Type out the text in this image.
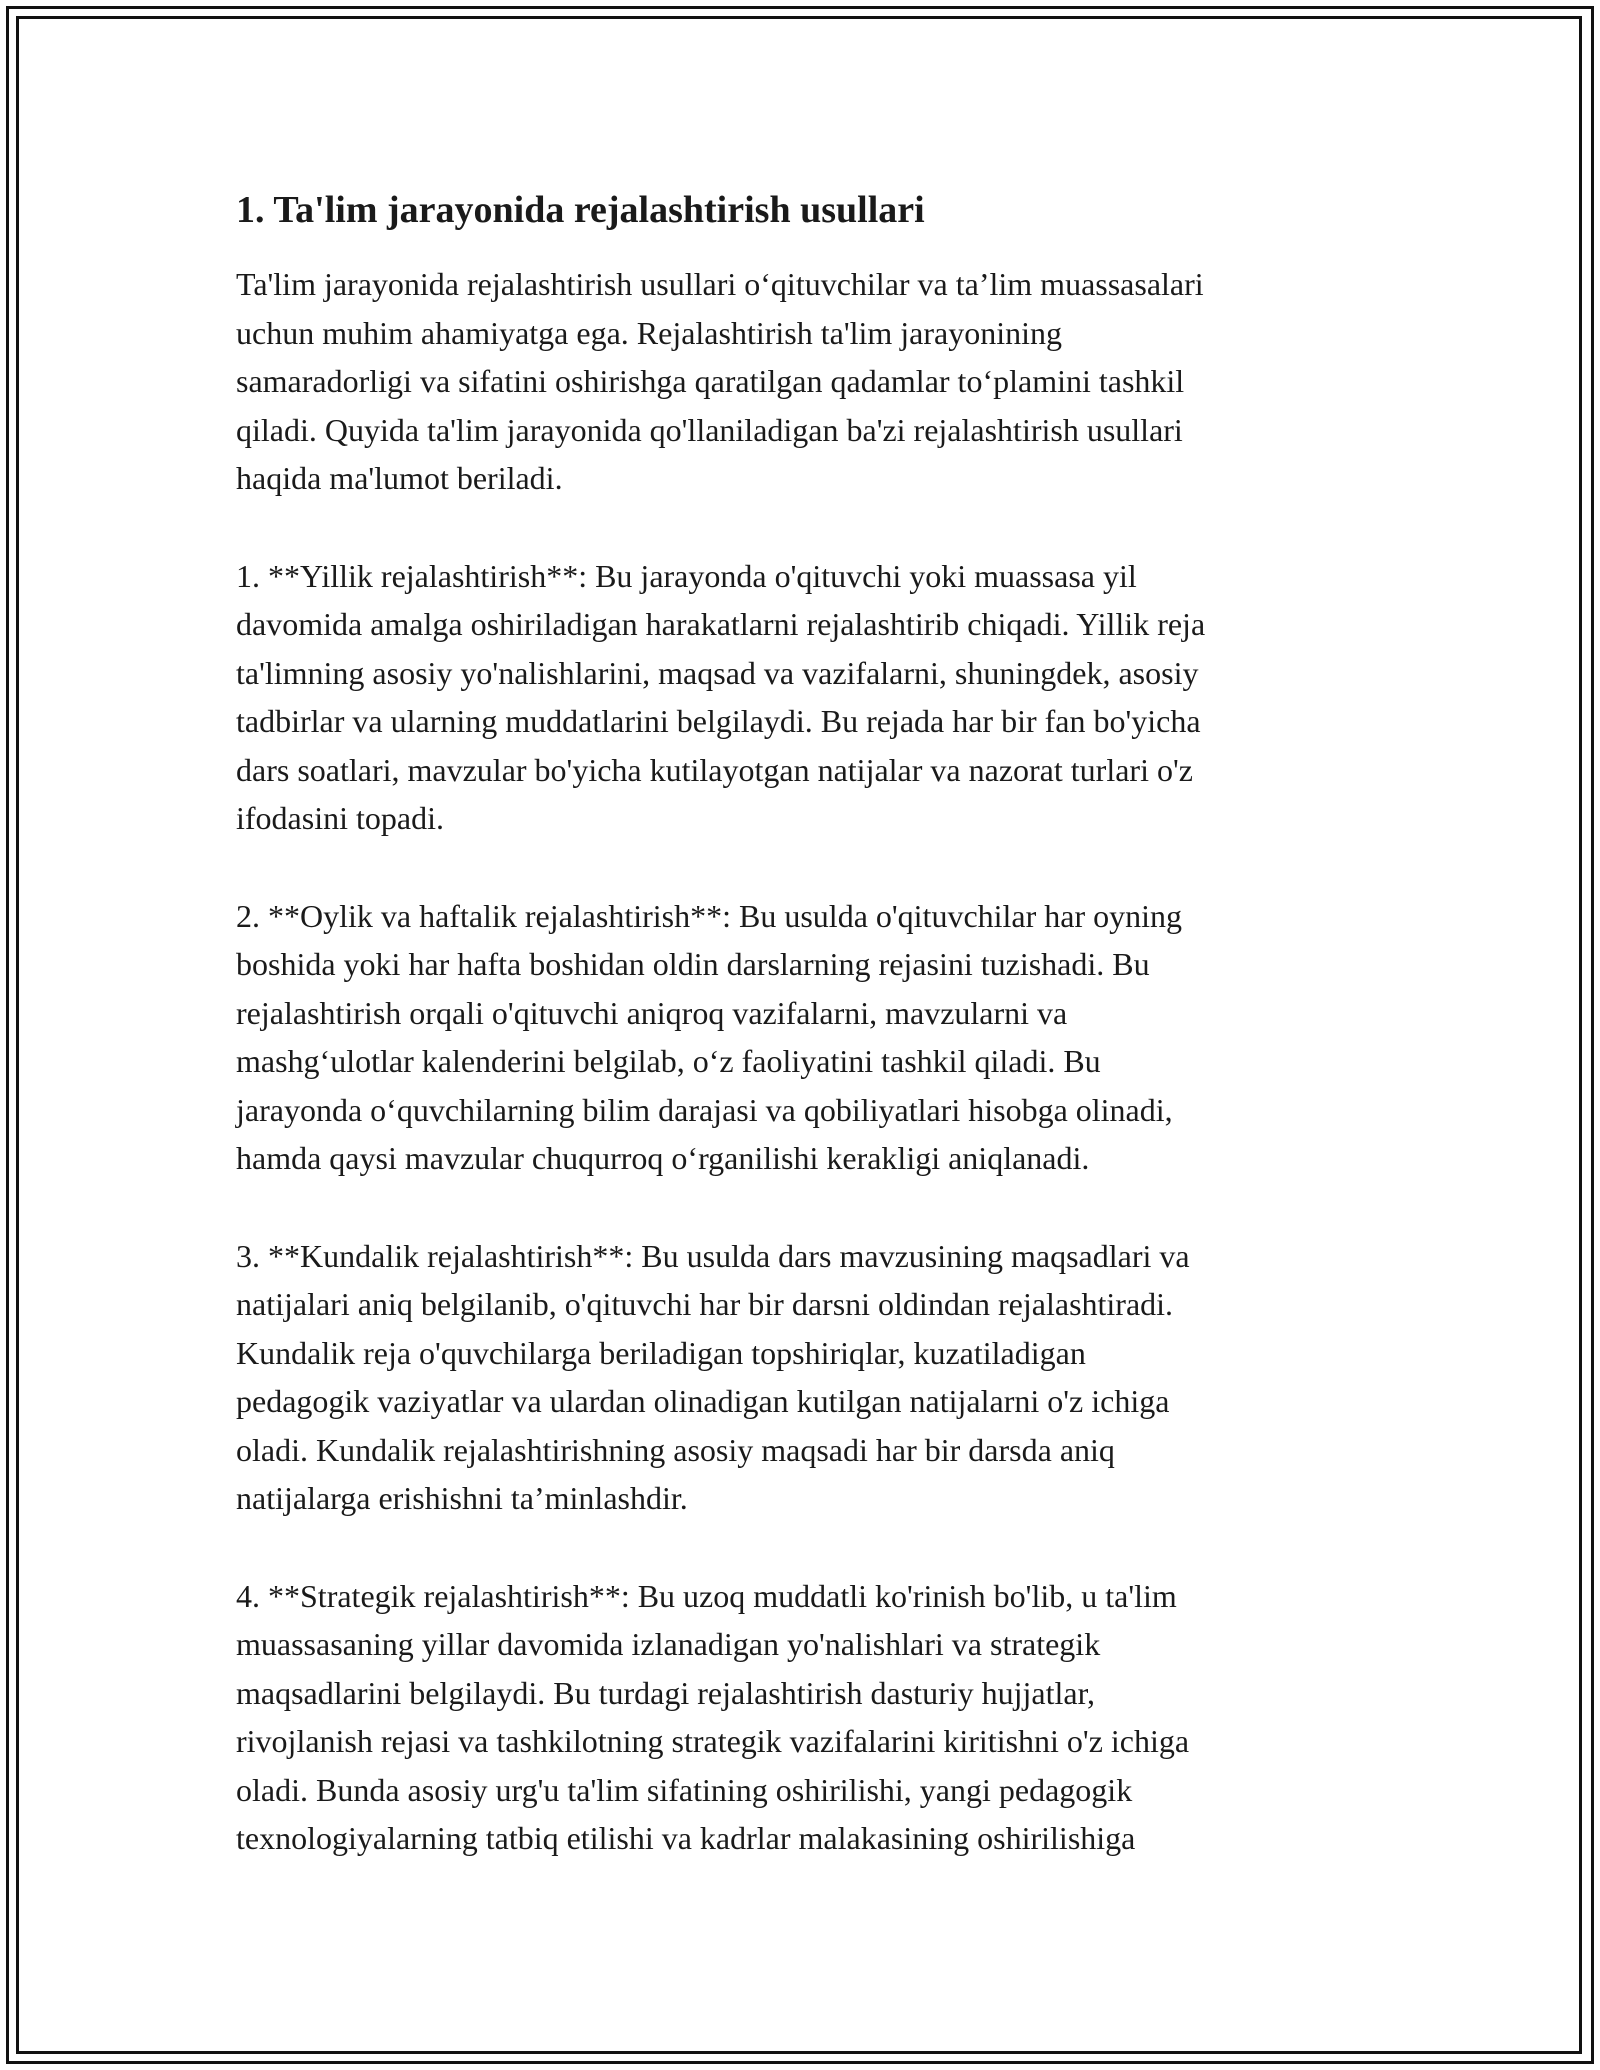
1. Ta'lim jarayonida rejalashtirish usullari
Ta'lim jarayonida rejalashtirish usullari o‘qituvchilar va ta’lim muassasalari
uchun muhim ahamiyatga ega. Rejalashtirish ta'lim jarayonining
samaradorligi va sifatini oshirishga qaratilgan qadamlar to‘plamini tashkil
qiladi. Quyida ta'lim jarayonida qo'llaniladigan ba'zi rejalashtirish usullari
haqida ma'lumot beriladi.
1. **Yillik rejalashtirish**: Bu jarayonda o'qituvchi yoki muassasa yil
davomida amalga oshiriladigan harakatlarni rejalashtirib chiqadi. Yillik reja
ta'limning asosiy yo'nalishlarini, maqsad va vazifalarni, shuningdek, asosiy
tadbirlar va ularning muddatlarini belgilaydi. Bu rejada har bir fan bo'yicha
dars soatlari, mavzular bo'yicha kutilayotgan natijalar va nazorat turlari o'z
ifodasini topadi.
2. **Oylik va haftalik rejalashtirish**: Bu usulda o'qituvchilar har oyning
boshida yoki har hafta boshidan oldin darslarning rejasini tuzishadi. Bu
rejalashtirish orqali o'qituvchi aniqroq vazifalarni, mavzularni va
mashg‘ulotlar kalenderini belgilab, o‘z faoliyatini tashkil qiladi. Bu
jarayonda o‘quvchilarning bilim darajasi va qobiliyatlari hisobga olinadi,
hamda qaysi mavzular chuqurroq o‘rganilishi kerakligi aniqlanadi.
3. **Kundalik rejalashtirish**: Bu usulda dars mavzusining maqsadlari va
natijalari aniq belgilanib, o'qituvchi har bir darsni oldindan rejalashtiradi.
Kundalik reja o'quvchilarga beriladigan topshiriqlar, kuzatiladigan
pedagogik vaziyatlar va ulardan olinadigan kutilgan natijalarni o'z ichiga
oladi. Kundalik rejalashtirishning asosiy maqsadi har bir darsda aniq
natijalarga erishishni ta’minlashdir.
4. **Strategik rejalashtirish**: Bu uzoq muddatli ko'rinish bo'lib, u ta'lim
muassasaning yillar davomida izlanadigan yo'nalishlari va strategik
maqsadlarini belgilaydi. Bu turdagi rejalashtirish dasturiy hujjatlar,
rivojlanish rejasi va tashkilotning strategik vazifalarini kiritishni o'z ichiga
oladi. Bunda asosiy urg'u ta'lim sifatining oshirilishi, yangi pedagogik
texnologiyalarning tatbiq etilishi va kadrlar malakasining oshirilishiga
